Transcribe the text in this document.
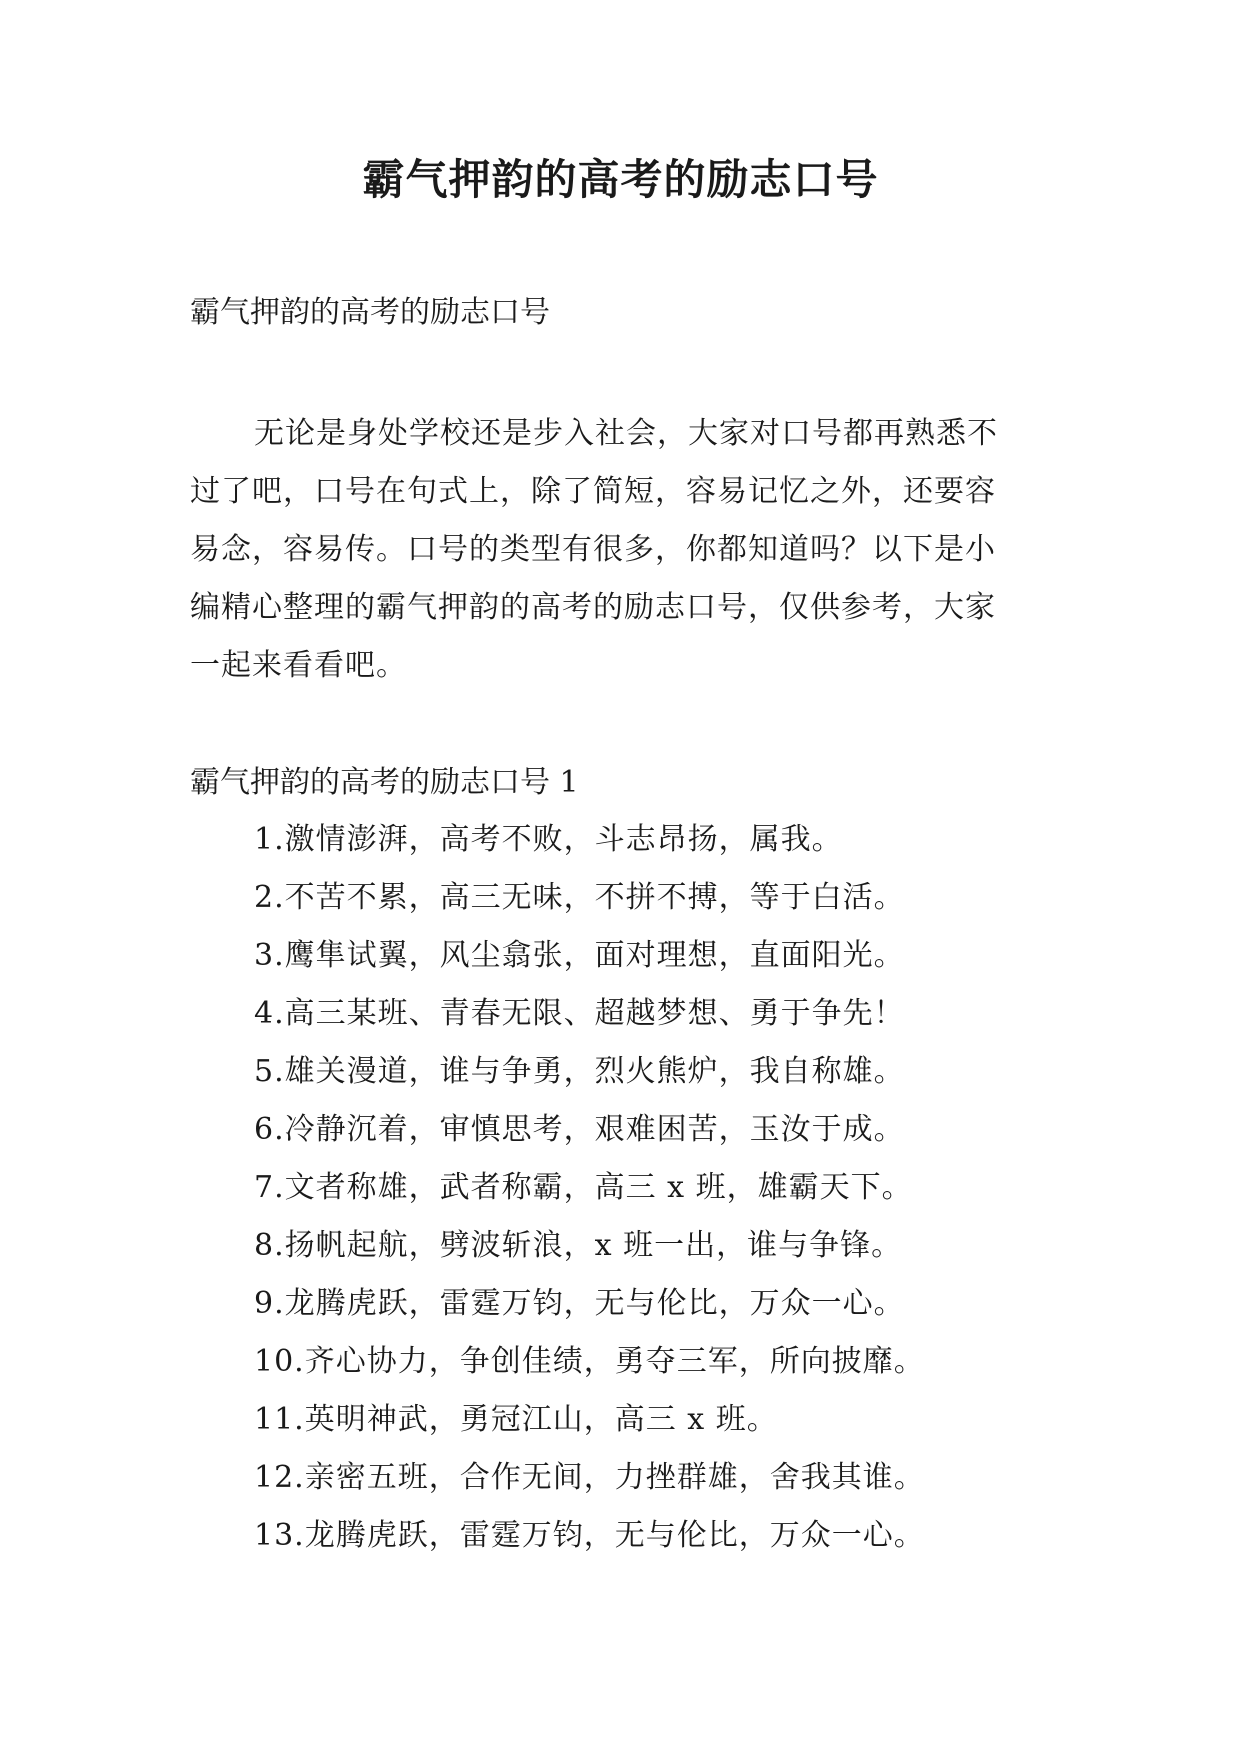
霸气押韵的高考的励志口号

霸气押韵的高考的励志口号

无论是身处学校还是步入社会，大家对口号都再熟悉不
过了吧，口号在句式上，除了简短，容易记忆之外，还要容
易念，容易传。口号的类型有很多，你都知道吗？以下是小
编精心整理的霸气押韵的高考的励志口号，仅供参考，大家
一起来看看吧。

霸气押韵的高考的励志口号 1

1.激情澎湃，高考不败，斗志昂扬，属我。
2.不苦不累，高三无味，不拼不搏，等于白活。
3.鹰隼试翼，风尘翕张，面对理想，直面阳光。
4.高三某班、青春无限、超越梦想、勇于争先！
5.雄关漫道，谁与争勇，烈火熊炉，我自称雄。
6.冷静沉着，审慎思考，艰难困苦，玉汝于成。
7.文者称雄，武者称霸，高三 x 班，雄霸天下。
8.扬帆起航，劈波斩浪，x 班一出，谁与争锋。
9.龙腾虎跃，雷霆万钧，无与伦比，万众一心。
10.齐心协力，争创佳绩，勇夺三军，所向披靡。
11.英明神武，勇冠江山，高三 x 班。
12.亲密五班，合作无间，力挫群雄，舍我其谁。
13.龙腾虎跃，雷霆万钧，无与伦比，万众一心。
